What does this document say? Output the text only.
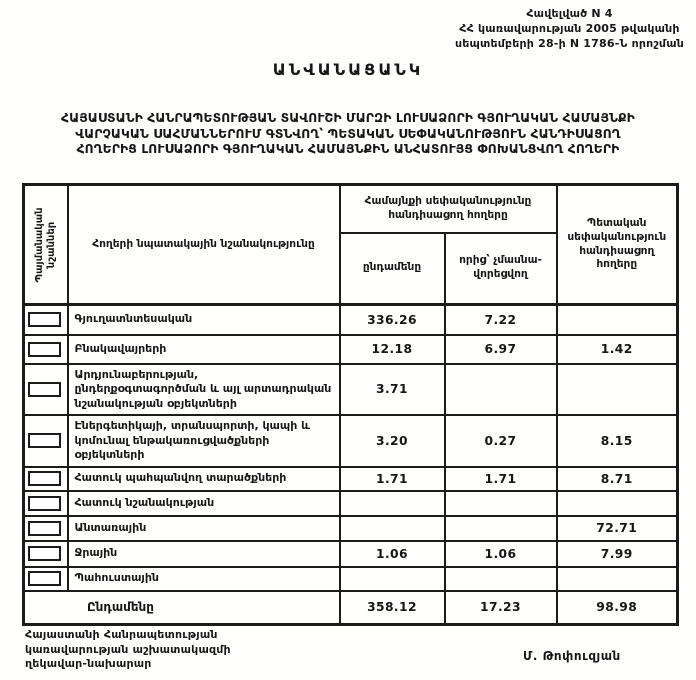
Հավելված N 4
ՀՀ կառավարության 2005 թվականի
սեպտեմբերի 28-ի N 1786-Ն որոշման
ԱՆՎԱՆԱՑԱՆԿ
ՀԱՅԱՍՏԱՆԻ ՀԱՆՐԱՊԵՏՈՒԹՅԱՆ ՏԱՎՈՒՇԻ ՄԱՐԶԻ ԼՈՒՍԱՁՈՐԻ ԳՅՈՒՂԱԿԱՆ ՀԱՄԱՅՆՔԻ
ՎԱՐՉԱԿԱՆ ՍԱՀՄԱՆՆԵՐՈՒՄ ԳՏՆՎՈՂ՝ ՊԵՏԱԿԱՆ ՍԵՓԱԿԱՆՈՒԹՅՈՒՆ ՀԱՆԴԻՍԱՑՈՂ
ՀՈՂԵՐԻՑ ԼՈՒՍԱՁՈՐԻ ԳՅՈՒՂԱԿԱՆ ՀԱՄԱՅՆՔԻՆ ԱՆՀԱՏՈՒՅՑ ՓՈԽԱՆՑՎՈՂ ՀՈՂԵՐԻ
Պայմանական նշաններ	Հողերի նպատակային նշանակությունը	Համայնքի սեփականությունը հանդիսացող հողերը		Պետական սեփականություն հանդիսացող հողերը
		ընդամենը	որից՝ չմասնա-վորեցվող	

	Գյուղատնտեսական	336.26	7.22	

	Բնակավայրերի	12.18	6.97	1.42

	Արդյունաբերության, ընդերքօգտագործման և այլ արտադրական նշանակության օբյեկտների	3.71		

	Էներգետիկայի, տրանսպորտի, կապի և կոմունալ ենթակառուցվածքների օբյեկտների	3.20	0.27	8.15

	Հատուկ պահպանվող տարածքների	1.71	1.71	8.71

	Հատուկ նշանակության			

	Անտառային			72.71

	Ջրային	1.06	1.06	7.99

	Պահուստային			
Ընդամենը		358.12	17.23	98.98
Հայաստանի Հանրապետության
կառավարության աշխատակազմի
ղեկավար-նախարար
Մ. Թոփուզյան
